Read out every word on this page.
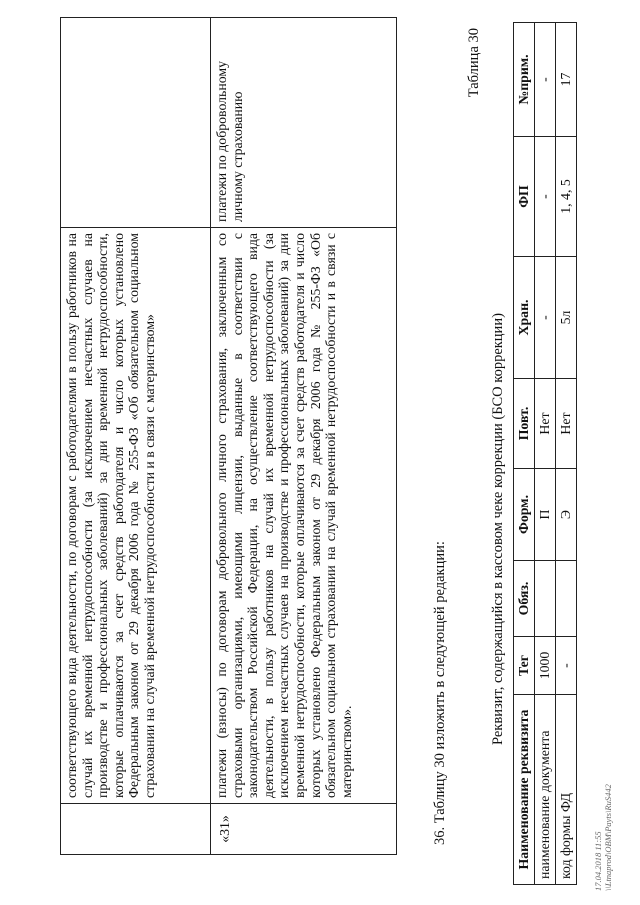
	соответствующего вида деятельности, по договорам с работодателями в пользу работников на случай их временной нетрудоспособности (за исключением несчастных случаев на производстве и профессиональных заболеваний) за дни временной нетрудоспособности, которые оплачиваются за счет средств работодателя и число которых установлено Федеральным законом от 29 декабря 2006 года № 255-ФЗ «Об обязательном социальном страховании на случай временной нетрудоспособности и в связи с материнством»	
«31»	платежи (взносы) по договорам добровольного личного страхования, заключенным со страховыми организациями, имеющими лицензии, выданные в соответствии с законодательством Российской Федерации, на осуществление соответствующего вида деятельности, в пользу работников на случай их временной нетрудоспособности (за исключением несчастных случаев на производстве и профессиональных заболеваний) за дни временной нетрудоспособности, которые оплачиваются за счет средств работодателя и число которых установлено Федеральным законом от 29 декабря 2006 года № 255-ФЗ «Об обязательном социальном страховании на случай временной нетрудоспособности и в связи с материнством».	платежи по добровольному личному страхованию
36. Таблицу 30 изложить в следующей редакции:
Таблица 30
Реквизит, содержащийся в кассовом чеке коррекции (БСО коррекции)
Наименование реквизита	Тег	Обяз.	Форм.	Повт.	Хран.	ФП	№прим.
наименование документа	1000		П	Нет	-	-	-
код формы ФД	-		Э	Нет	5л	1, 4, 5	17
17.04.2018 11:55 \\Ltnaprod\OBM\Payts\RuS442
